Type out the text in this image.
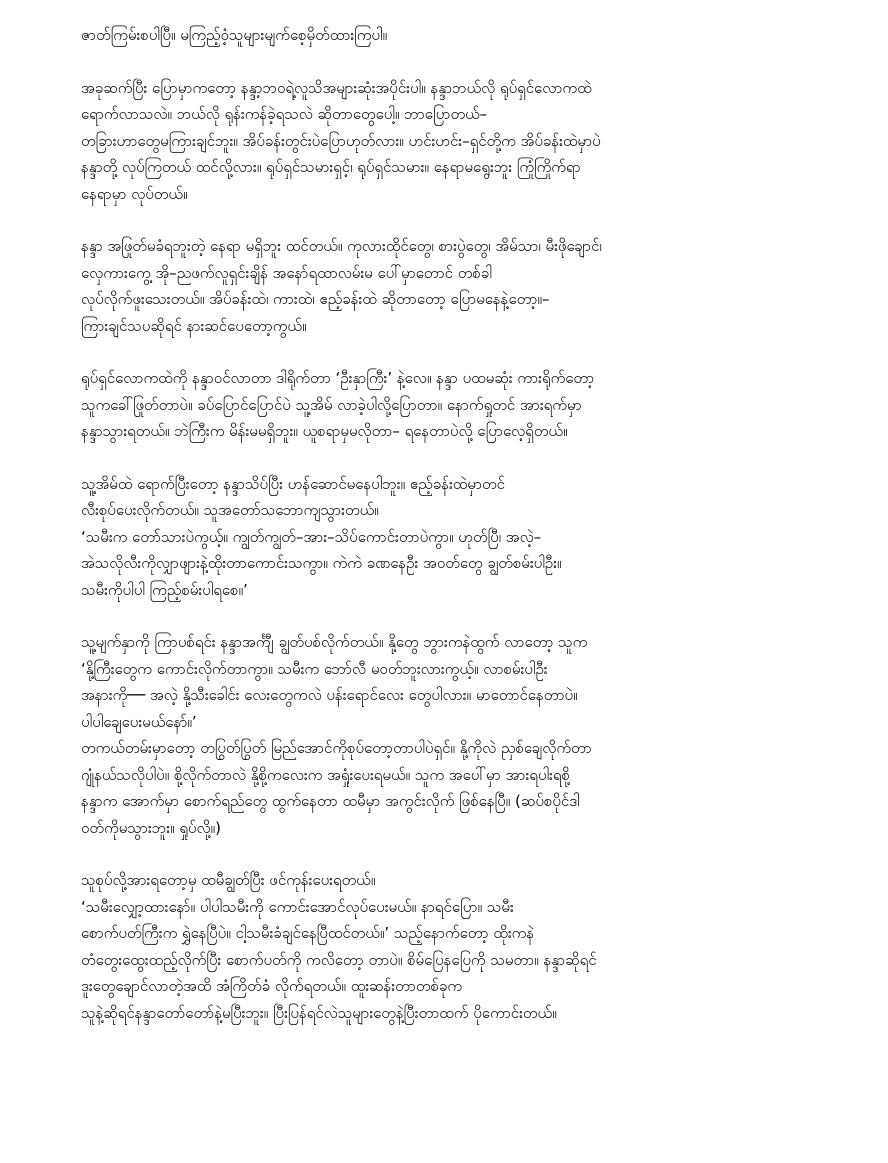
ဇာတ်ကြမ်းစပါပြီ။ မကြည့်ဝံ့သူများမျက်စေ့မှိတ်ထားကြပါ။
အခုဆက်ပြီး ပြောမှာကတော့ နန္ဒာ့ဘဝရဲ့လူသိအများဆုံးအပိုင်းပါ။ နန္ဒာဘယ်လို ရုပ်ရှင်လောကထဲ
ရောက်လာသလဲ။ ဘယ်လို ရုန်းကန်ခဲ့ရသလဲ ဆိုတာတွေပေါ့။ ဘာပြောတယ်–
တခြားဟာတွေမကြားချင်ဘူး။ အိပ်ခန်းတွင်းပဲပြောဟုတ်လား။ ဟင်းဟင်း–ရှင်တို့က အိပ်ခန်းထဲမှာပဲ
နန္ဒာတို့ လုပ်ကြတယ် ထင်လို့လား။ ရုပ်ရှင်သမားရှင့်၊ ရုပ်ရှင်သမား။ နေရာမရွေးဘူး ကြုံကြိုက်ရာ
နေရာမှာ လုပ်တယ်။
နန္ဒာ အဖြုတ်မခံရဘူးတဲ့ နေရာ မရှိဘူး ထင်တယ်။ ကုလားထိုင်တွေ၊ စားပွဲတွေ၊ အိမ်သာ၊ မီးဖိုချောင်၊
လှေကားကွေ့ အို–ညဖက်လူရှင်းချိန် အနော်ရထာလမ်းမ ပေါ်မှာတောင် တစ်ခါ
လုပ်လိုက်ဖူးသေးတယ်။ အိပ်ခန်းထဲ၊ ကားထဲ၊ ဧည့်ခန်းထဲ ဆိုတာတော့ ပြောမနေနဲ့တော့။–
ကြားချင်သပဆိုရင် နားဆင်ပေတော့ကွယ်။
ရုပ်ရှင်လောကထဲကို နန္ဒာဝင်လာတာ ဒါရိုက်တာ ‘ဦးနှာကြီး’ နဲ့လေ။ နန္ဒာ ပထမဆုံး ကားရိုက်တော့
သူကခေါ်ဖြုတ်တာပဲ။ ခပ်ပြောင်ပြောင်ပဲ သူ့အိမ် လာခဲ့ပါလို့ပြောတာ။ နောက်ရှုတင် အားရက်မှာ
နန္ဒာသွားရတယ်။ ဘဲကြီးက မိန်းမမရှိဘူး။ ယူစရာမှမလိုတာ– ရနေတာပဲလို့ ပြောလေ့ရှိတယ်။
သူ့အိမ်ထဲ ရောက်ပြီးတော့ နန္ဒာသိပ်ပြီး ဟန်ဆောင်မနေပါဘူး။ ဧည့်ခန်းထဲမှာတင်
လီးစုပ်ပေးလိုက်တယ်။ သူအတော်သဘောကျသွားတယ်။
‘သမီးက တော်သားပဲကွယ့်။ ကျွတ်ကျွတ်–အား–သိပ်ကောင်းတာပဲကွာ။ ဟုတ်ပြီ၊ အလဲ့–
အဲသလိုလီးကိုလျှာဖျားနဲ့ထိုးတာကောင်းသကွာ။ ကဲကဲ ခဏနေဦး အဝတ်တွေ ချွတ်စမ်းပါဦး။
သမီးကိုပါပါ ကြည့်စမ်းပါရစေ။’
သူ့မျက်နှာကို ကြာပစ်ရင်း နန္ဒာအင်္ကျီ ချွတ်ပစ်လိုက်တယ်။ နို့တွေ ဘွားကနဲထွက် လာတော့ သူက
‘နို့ကြီးတွေက ကောင်းလိုက်တာကွာ။ သမီးက ဘော်လီ မဝတ်ဘူးလားကွယ့်။ လာစမ်းပါဦး
အနားကို── အလဲ့ နို့သီးခေါင်း လေးတွေကလဲ ပန်းရောင်လေး တွေပါလား။ မာတောင်နေတာပဲ။
ပါပါချေပေးမယ်နော်။’
တကယ်တမ်းမှာတော့ တပြွတ်ပြွတ် မြည်အောင်ကိုစုပ်တော့တာပါပဲရှင်။ နို့ကိုလဲ ညှစ်ချေလိုက်တာ
ဂျုံနယ်သလိုပါပဲ။ စို့လိုက်တာလဲ နို့စို့ကလေးက အရှုံးပေးရမယ်။ သူက အပေါ်မှာ အားရပါးရစို့
နန္ဒာက အောက်မှာ စောက်ရည်တွေ ထွက်နေတာ ထမီမှာ အကွင်းလိုက် ဖြစ်နေပြီ။ (ဆပ်စပိုင်ဒါ
ဝတ်ကိုမသွားဘူး။ ရှုပ်လို့။)
သူစုပ်လို့အားရတော့မှ ထမီချွတ်ပြီး ဖင်ကုန်းပေးရတယ်။
‘သမီးလျှော့ထားနော်။ ပါပါသမီးကို ကောင်းအောင်လုပ်ပေးမယ်။ နာရင်ပြော။ သမီး
စောက်ပတ်ကြီးက ရွှဲနေပြီပဲ။ ငါ့သမီးခံချင်နေပြီထင်တယ်။’ သည့်နောက်တော့ ထိုးကနဲ
တံတွေးထွေးထည့်လိုက်ပြီး စောက်ပတ်ကို ကလိတော့ တာပဲ။ စိမ်ပြေနပြေကို သမတာ။ နန္ဒာဆိုရင်
ဒူးတွေချောင်လာတဲ့အထိ အံကြိတ်ခံ လိုက်ရတယ်။ ထူးဆန်းတာတစ်ခုက
သူနဲ့ဆိုရင်နန္ဒာတော်တော်နဲ့မပြီးဘူး။ ပြီးပြန်ရင်လဲသူများတွေနဲ့ပြီးတာထက် ပိုကောင်းတယ်။
